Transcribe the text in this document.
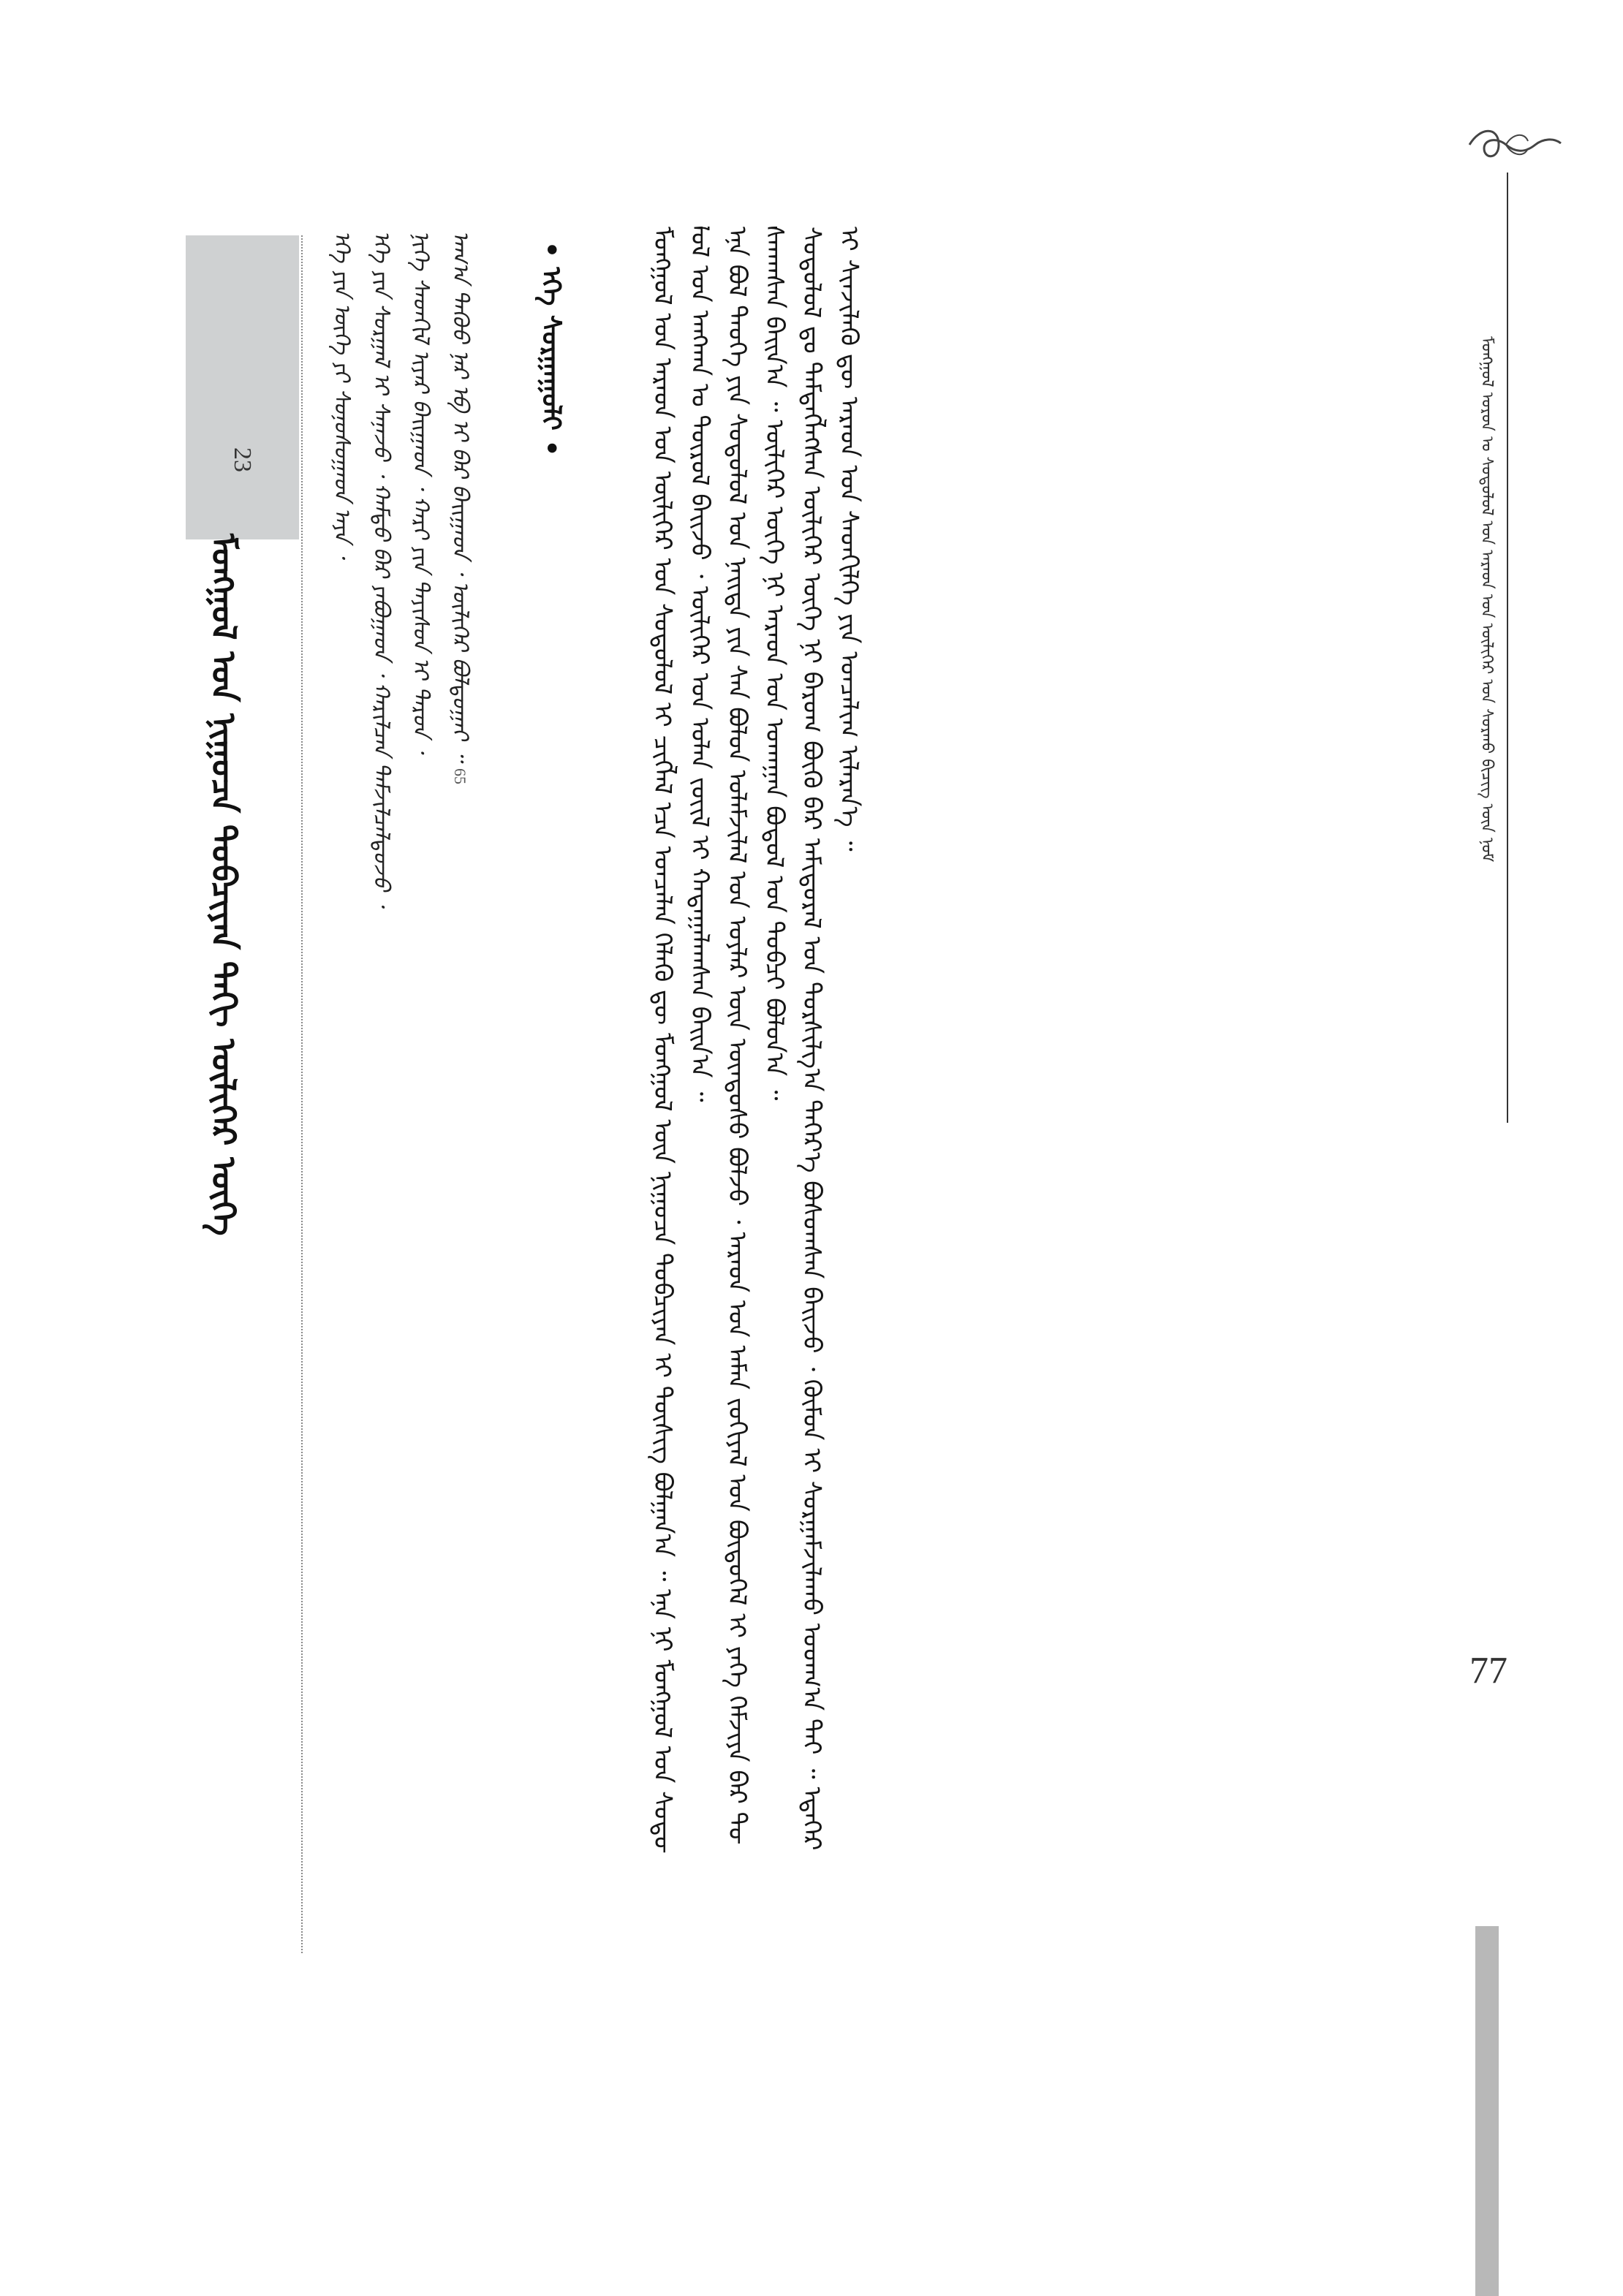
ᠮᠣᠩᠭᠣᠯ ᠣᠷᠤᠨ ᠤ ᠰᠤᠳᠤᠯᠤᠯ ᠤᠨ ᠠᠷᠠᠳ ᠤᠨ ᠦᠯᠢᠭᠡᠷ ᠤᠨ ᠰᠤᠷᠬᠤ ᠪᠢᠴᠢᠭ ᠦᠨ ᠨᠣᠮ
77

ᠮᠣᠩᠭᠣᠯ ᠤᠨ ᠠᠷᠠᠳ ᠤᠨ ᠦᠯᠢᠭᠡᠷ ᠤᠨ ᠰᠤᠳᠤᠯᠤᠯ ᠢ ᠴᠢᠭᠯᠡᠯ ᠡᠴᠡ ᠣᠨᠴᠠᠯᠠᠨ ᠬᠡᠯᠡᠬᠦ ᠳᠦ ᠮᠣᠩᠭᠣᠯ ᠦᠨ ᠨᠢᠭᠤᠴᠠ ᠲᠣᠪᠴᠢᠶᠠᠨ ᠢ ᠲᠦᠰᠢᠭ ᠪᠣᠯᠭᠠᠨ᠎ᠠ ᠃ ᠡᠨᠡ ᠨᠢ ᠮᠣᠩᠭᠣᠯ ᠤᠨ ᠰᠤᠳᠤᠯᠤᠯ ᠤᠨ ᠠᠩᠬᠠᠨ ᠤ ᠲᠦᠷᠦᠯ ᠪᠠᠢᠵᠤ ᠂ ᠦᠯᠢᠭᠡᠷ ᠤᠨ ᠣᠯᠠᠨ ᠵᠦᠢᠯ ᠢ ᠬᠠᠳᠠᠭᠠᠯᠠᠭᠰᠠᠨ ᠪᠠᠢᠨ᠎ᠠ ᠃ ᠡᠨᠡ ᠪᠣᠯ ᠲᠡᠦᠬᠡ ᠶᠢᠨ ᠰᠤᠳᠤᠯᠤᠯ ᠤᠨ ᠨᠡᠢᠲᠡ ᠶᠢᠨ ᠰᠠᠨ ᠪᠣᠯᠤᠨ ᠤᠯᠠᠮᠵᠢᠯᠠᠯ ᠤᠨ ᠤᠶᠯᠠᠷ ᠦᠨ ᠦᠨᠳᠦᠰᠦ ᠪᠣᠯᠵᠤ ᠂ ᠠᠷᠠᠳ ᠤᠨ ᠠᠮᠠᠨ ᠵᠣᠬᠢᠶᠠᠯ ᠤᠨ ᠪᠦᠲᠦᠭᠡᠯ ᠢ ᠶᠡᠬᠡ ᠬᠡᠮᠵᠢᠶᠡ ᠪᠡᠷ ᠲᠤᠰᠬᠠᠭᠰᠠᠨ ᠪᠠᠢᠨ᠎ᠠ ᠃ ᠦᠯᠢᠭᠡᠷ ᠦᠭᠡ ᠨᠢ ᠠᠷᠠᠳ ᠤᠨ ᠤᠬᠠᠭᠠᠨ ᠪᠣᠳᠤᠯ ᠤᠨ ᠲᠣᠪᠴᠢ ᠪᠣᠯᠤᠨ᠎ᠠ ᠃ ᠰᠤᠳᠤᠯᠤᠯ ᠳᠤ ᠲᠡᠮᠳᠡᠭᠯᠡᠭᠰᠡᠨ ᠦᠯᠢᠭᠡᠷ ᠦᠭᠡ ᠨᠢ ᠪᠠᠷᠤᠭ ᠪᠦᠬᠦ ᠪᠡᠷ ᠠᠮᠢᠳᠤᠷᠠᠯ ᠤᠨ ᠲᠤᠷᠰᠢᠯᠭ᠎ᠠ ᠳᠡᠭᠡᠷ᠎ᠡ ᠪᠣᠰᠤᠭᠰᠠᠨ ᠪᠠᠢᠵᠤ ᠂ ᠬᠦᠮᠦᠨ ᠢ ᠰᠤᠷᠭᠠᠮᠵᠢᠯᠠᠬᠤ ᠤᠳᠬ᠎ᠠ ᠲᠠᠢ ᠃ ᠡᠳᠡᠭᠡᠷ ᠢ ᠰᠢᠨᠵᠢᠯᠡᠬᠦ ᠳᠦ ᠠᠷᠠᠳ ᠤᠨ ᠰᠡᠳᠬᠢᠯᠭᠡ ᠶᠢᠨ ᠣᠨᠴᠠᠯᠢᠭ ᠢᠯᠡᠷᠡᠨ᠎ᠡ ᠃

• ᠡᠬᠡ ᠰᠤᠷᠭᠠᠭᠤᠯᠢ •

ᠡᠬᠡ ᠶᠢᠨ ᠦᠭᠡ ᠶᠢ ᠰᠣᠨᠣᠰᠤᠭᠠᠳ ᠠᠶᠠ ᠂ ᠡᠬᠡ ᠶᠢᠨ ᠰᠤᠷᠭᠠᠯ ᠢ ᠰᠠᠨᠠᠵᠤ ᠂ ᠬᠠᠮᠲᠤ ᠪᠡᠷ ᠶᠠᠪᠤᠭᠠᠳ ᠂ ᠬᠠᠷᠢᠯᠴᠠᠨ ᠳᠡᠮᠵᠢᠯᠴᠡᠯᠳᠦᠵᠦ ᠂ ᠨᠢᠭᠡ ᠰᠡᠳᠬᠢᠯ ᠢᠶᠡᠷ ᠪᠠᠢᠭᠠᠳ ᠂ ᠬᠠᠷᠢ ᠶᠢᠨ ᠳᠠᠶᠢᠰᠤᠨ ᠢ ᠳᠠᠷᠤᠨ ᠂ ᠠᠬ᠎ᠠ ᠳᠡᠭᠦᠦ ᠨᠠᠷ ᠡᠪ ᠡᠢ ᠪᠡᠷ ᠪᠠᠢᠭᠠᠳ ᠂ ᠦᠯᠢᠭᠡᠷ ᠪᠣᠯᠲᠤᠭᠠᠢ ᠃ 65

23
ᠮᠣᠩᠭᠣᠯ ᠤᠨ ᠨᠢᠭᠤᠴᠠ ᠲᠣᠪᠴᠢᠶᠠᠨ ᠳᠠᠬᠢ ᠦᠯᠢᠭᠡᠷ ᠦᠭᠡ
